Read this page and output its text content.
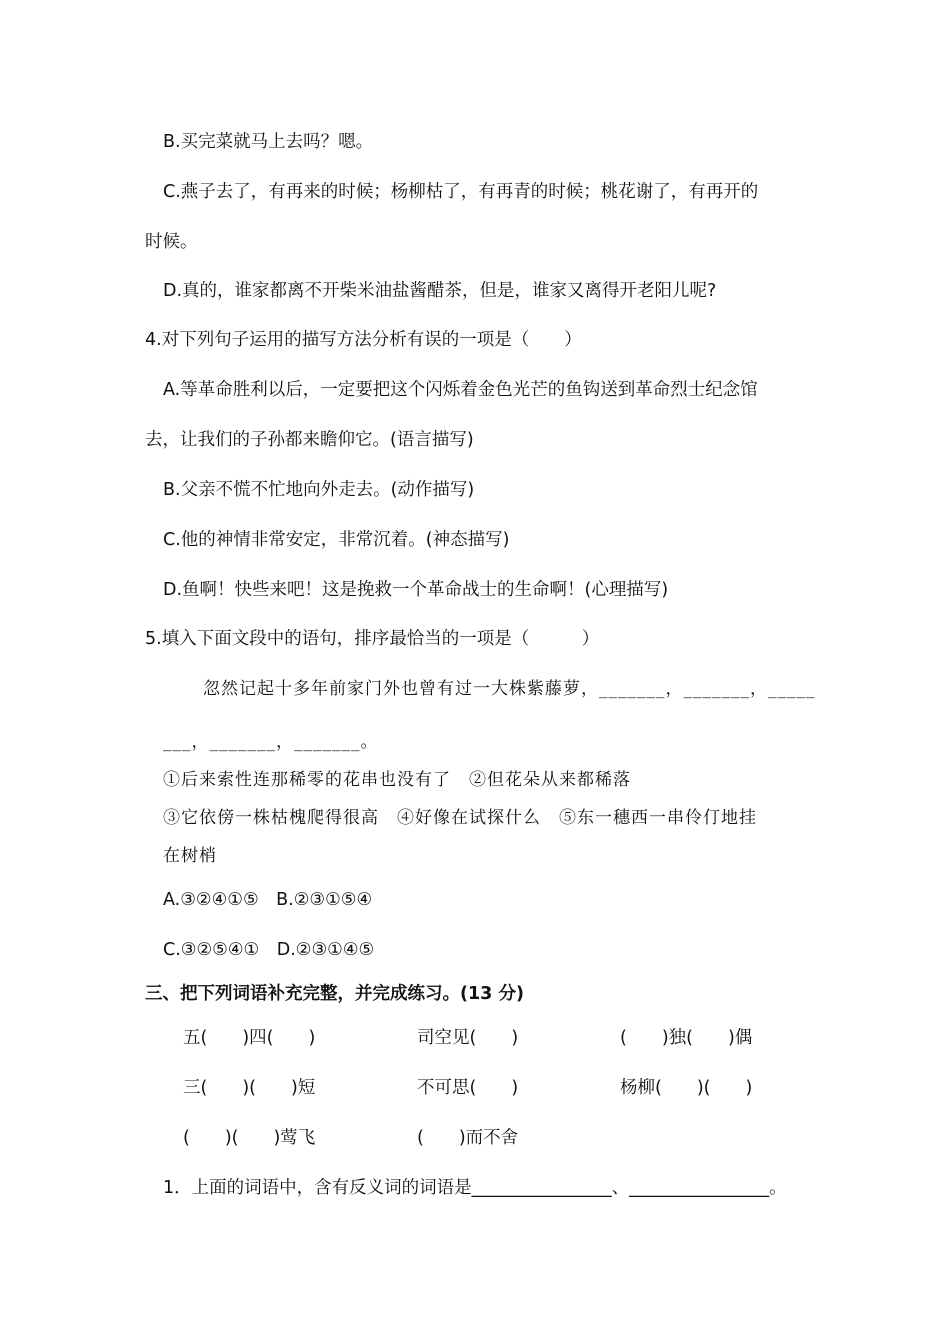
B.买完菜就马上去吗？嗯。
C.燕子去了，有再来的时候；杨柳枯了，有再青的时候；桃花谢了，有再开的
时候。
D.真的，谁家都离不开柴米油盐酱醋茶，但是，谁家又离得开老阳儿呢?
4.对下列句子运用的描写方法分析有误的一项是（　　）
A.等革命胜利以后，一定要把这个闪烁着金色光芒的鱼钩送到革命烈士纪念馆
去，让我们的子孙都来瞻仰它。(语言描写)
B.父亲不慌不忙地向外走去。(动作描写)
C.他的神情非常安定，非常沉着。(神态描写)
D.鱼啊！快些来吧！这是挽救一个革命战士的生命啊！(心理描写)
5.填入下面文段中的语句，排序最恰当的一项是（　　　）
忽然记起十多年前家门外也曾有过一大株紫藤萝，_______，_______，_____
___，_______，_______。
①后来索性连那稀零的花串也没有了　②但花朵从来都稀落
③它依傍一株枯槐爬得很高　④好像在试探什么　⑤东一穗西一串伶仃地挂
在树梢
A.③②④①⑤　B.②③①⑤④
C.③②⑤④①　D.②③①④⑤
三、把下列词语补充完整，并完成练习。(13 分)
五(　　)四(　　)	司空见(　　)	(　　)独(　　)偶
三(　　)(　　)短	不可思(　　)	杨柳(　　)(　　)
(　　)(　　)莺飞	(　　)而不舍
1．上面的词语中，含有反义词的词语是________________、________________。
